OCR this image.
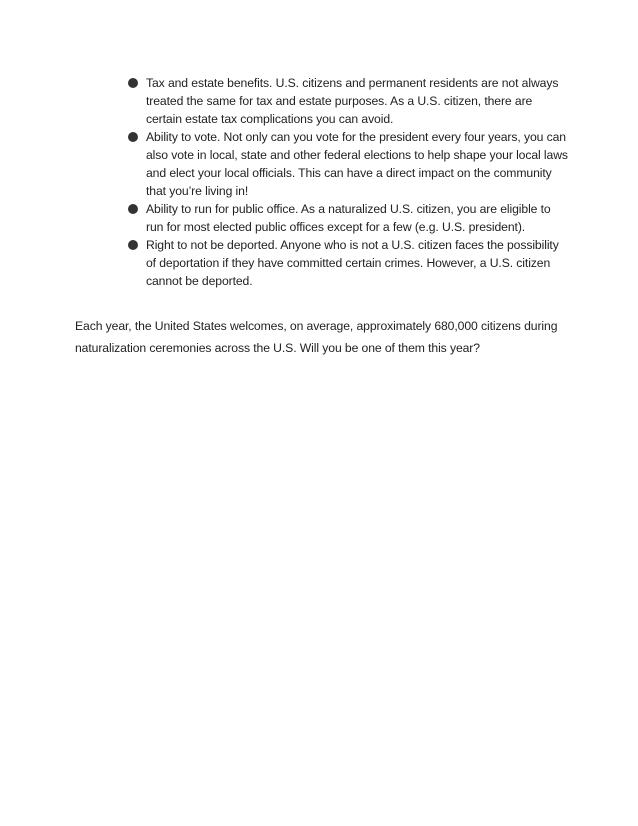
Tax and estate benefits. U.S. citizens and permanent residents are not always treated the same for tax and estate purposes. As a U.S. citizen, there are certain estate tax complications you can avoid.
Ability to vote. Not only can you vote for the president every four years, you can also vote in local, state and other federal elections to help shape your local laws and elect your local officials. This can have a direct impact on the community that you’re living in!
Ability to run for public office. As a naturalized U.S. citizen, you are eligible to run for most elected public offices except for a few (e.g. U.S. president).
Right to not be deported. Anyone who is not a U.S. citizen faces the possibility of deportation if they have committed certain crimes. However, a U.S. citizen cannot be deported.

Each year, the United States welcomes, on average, approximately 680,000 citizens during naturalization ceremonies across the U.S. Will you be one of them this year?
